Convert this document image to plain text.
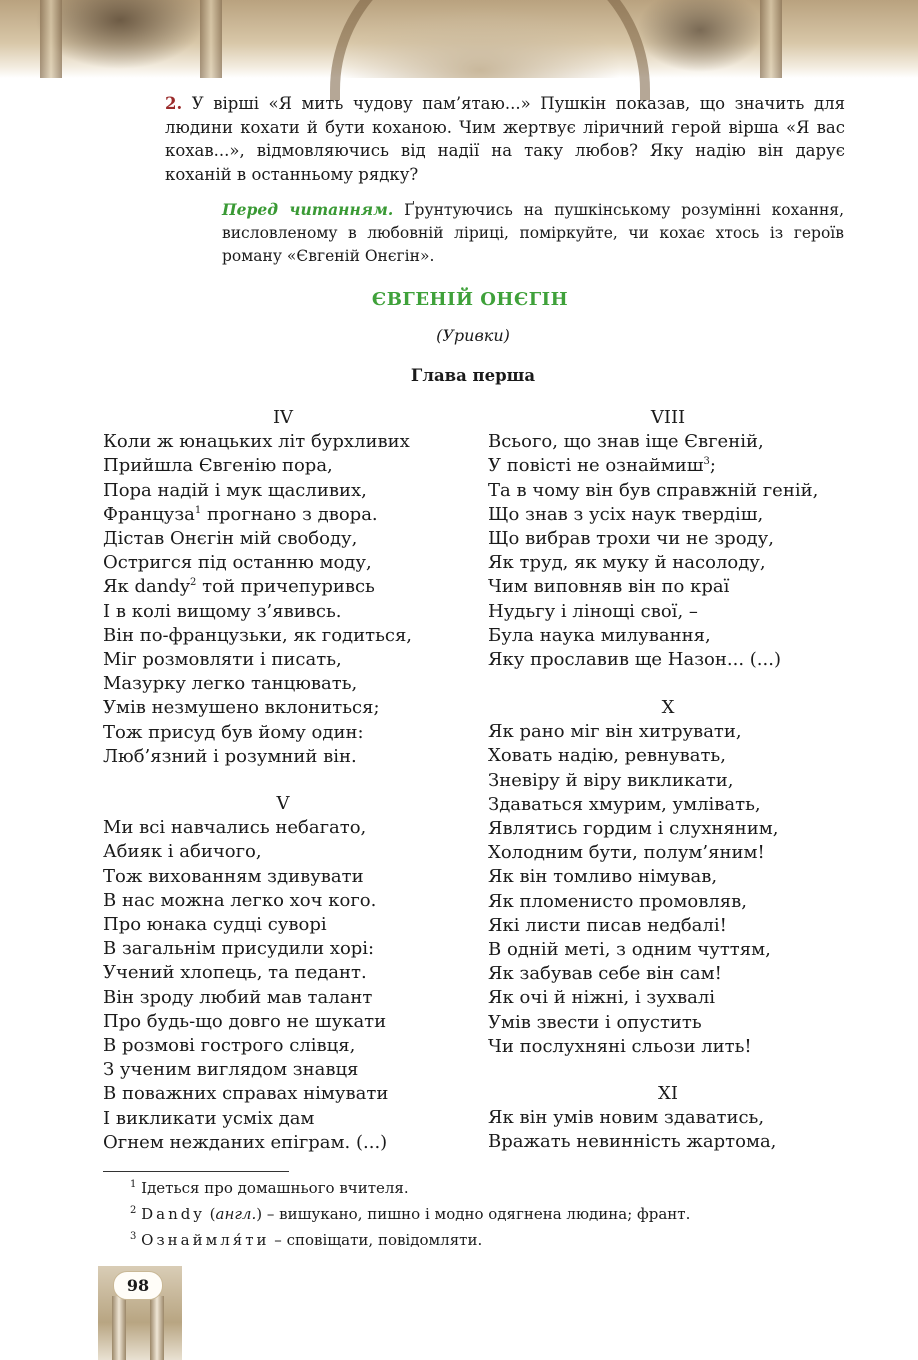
2. У вірші «Я мить чудову пам’ятаю...» Пушкін показав, що значить для людини кохати й бути коханою. Чим жертвує ліричний герой вірша «Я вас кохав...», відмовляючись від надії на таку любов? Яку надію він дарує коханій в останньому рядку?
Перед читанням. Ґрунтуючись на пушкінському розумінні кохання, висловленому в любовній ліриці, поміркуйте, чи кохає хтось із героїв роману «Євгеній Онєгін».
ЄВГЕНІЙ ОНЄГІН
(Уривки)
Глава перша
IV
Коли ж юнацьких літ бурхливих
Прийшла Євгенію пора,
Пора надій і мук щасливих,
Француза$^1$ прогнано з двора.
Дістав Онєгін мій свободу,
Остригся під останню моду,
Як dandy$^2$ той причепуривсь
І в колі вищому з’явивсь.
Він по-французьки, як годиться,
Міг розмовляти і писать,
Мазурку легко танцювать,
Умів незмушено вклониться;
Тож присуд був йому один:
Люб’язний і розумний він.
V
Ми всі навчались небагато,
Абияк і абичого,
Тож вихованням здивувати
В нас можна легко хоч кого.
Про юнака судці суворі
В загальнім присудили хорі:
Учений хлопець, та педант.
Він зроду любий мав талант
Про будь-що довго не шукати
В розмові гострого слівця,
З ученим виглядом знавця
В поважних справах німувати
І викликати усміх дам
Огнем нежданих епіграм. (...)
VIII
Всього, що знав іще Євгеній,
У повісті не ознаймиш$^3$;
Та в чому він був справжній геній,
Що знав з усіх наук твердіш,
Що вибрав трохи чи не зроду,
Як труд, як муку й насолоду,
Чим виповняв він по краї
Нудьгу і лінощі свої, –
Була наука милування,
Яку прославив ще Назон... (...)
X
Як рано міг він хитрувати,
Ховать надію, ревнувать,
Зневіру й віру викликати,
Здаваться хмурим, умлівать,
Являтись гордим і слухняним,
Холодним бути, полум’яним!
Як він томливо німував,
Як пломенисто промовляв,
Які листи писав недбалі!
В одній меті, з одним чуттям,
Як забував себе він сам!
Як очі й ніжні, і зухвалі
Умів звести і опустить
Чи послухняні сльози лить!
XI
Як він умів новим здаватись,
Вражать невинність жартома,
$^1$ Ідеться про домашнього вчителя.
$^2$ Dandy (англ.) – вишукано, пишно і модно одягнена людина; франт.
$^3$ Ознаймля́ти – сповіщати, повідомляти.
98
